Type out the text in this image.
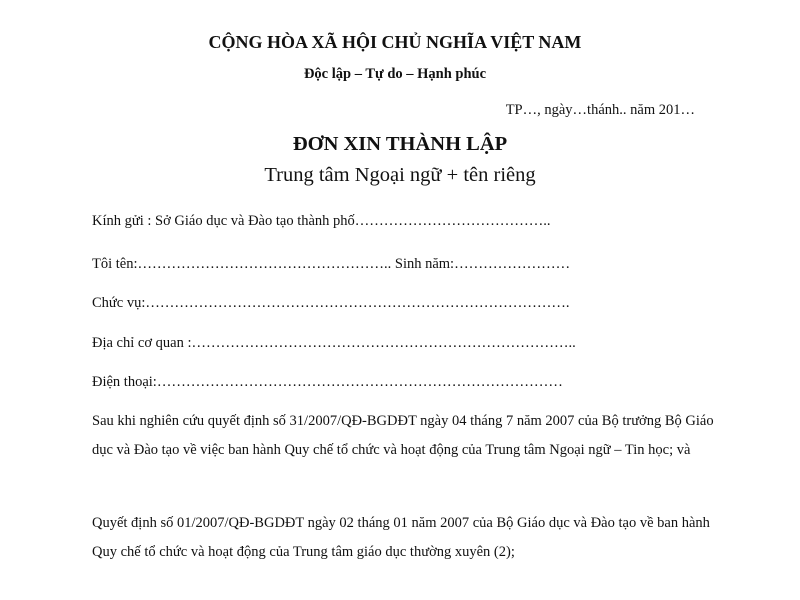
CỘNG HÒA XÃ HỘI CHỦ NGHĨA VIỆT NAM
Độc lập – Tự do – Hạnh phúc
TP…, ngày…thánh.. năm 201…
ĐƠN XIN THÀNH LẬP
Trung tâm Ngoại ngữ + tên riêng
Kính gửi : Sở Giáo dục và Đào tạo thành phố…………………………………..
Tôi tên:…………………………………………….. Sinh năm:……………………
Chức vụ:…………………………………………………………………………….
Địa chỉ cơ quan :……………………………………………………………………..
Điện thoại:…………………………………………………………………………
Sau khi nghiên cứu quyết định số 31/2007/QĐ-BGDĐT ngày 04 tháng 7 năm 2007 của Bộ trưởng Bộ Giáo dục và Đào tạo về việc ban hành Quy chế tổ chức và hoạt động của Trung tâm Ngoại ngữ – Tin học; và
Quyết định số 01/2007/QĐ-BGDĐT ngày 02 tháng 01 năm 2007 của Bộ Giáo dục và Đào tạo về ban hành Quy chế tổ chức và hoạt động của Trung tâm giáo dục thường xuyên (2);
